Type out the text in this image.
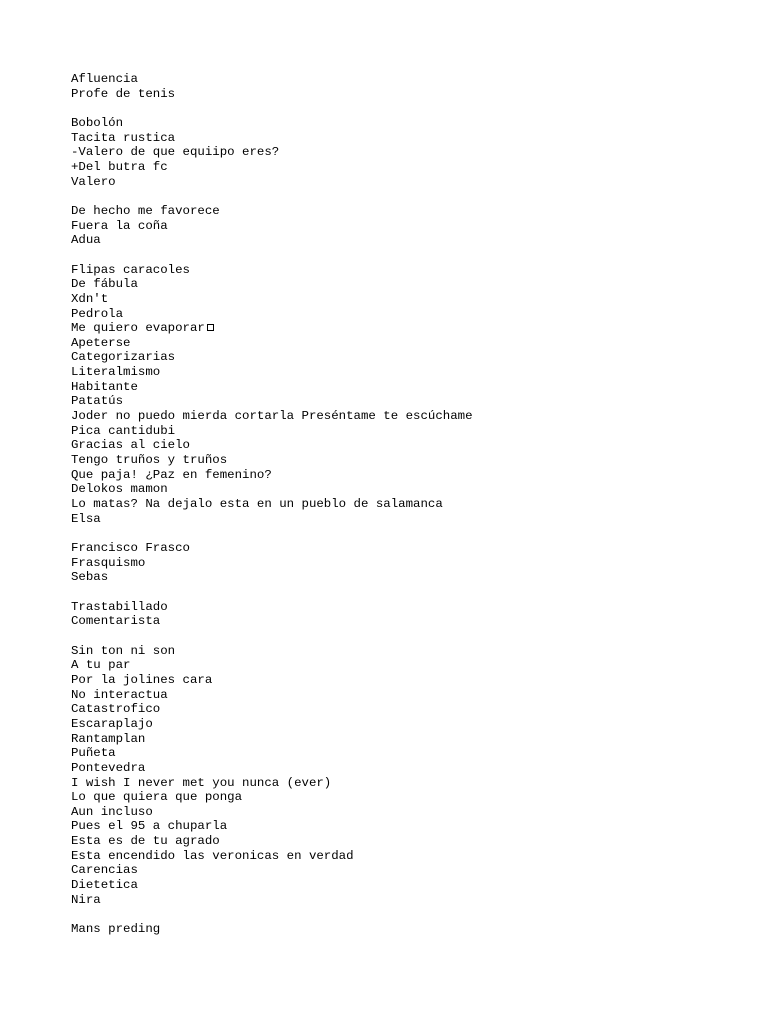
Afluencia
Profe de tenis
Bobolón
Tacita rustica
-Valero de que equiipo eres?
+Del butra fc
Valero
De hecho me favorece
Fuera la coña
Adua
Flipas caracoles
De fábula
Xdn't
Pedrola
Me quiero evaporar
Apeterse
Categorizarias
Literalmismo
Habitante
Patatús
Joder no puedo mierda cortarla Preséntame te escúchame
Pica cantidubi
Gracias al cielo
Tengo truños y truños
Que paja! ¿Paz en femenino?
Delokos mamon
Lo matas? Na dejalo esta en un pueblo de salamanca
Elsa
Francisco Frasco
Frasquismo
Sebas
Trastabillado
Comentarista
Sin ton ni son
A tu par
Por la jolines cara
No interactua
Catastrofico
Escaraplajo
Rantamplan
Puñeta
Pontevedra
I wish I never met you nunca (ever)
Lo que quiera que ponga
Aun incluso
Pues el 95 a chuparla
Esta es de tu agrado
Esta encendido las veronicas en verdad
Carencias
Dietetica
Nira
Mans preding
